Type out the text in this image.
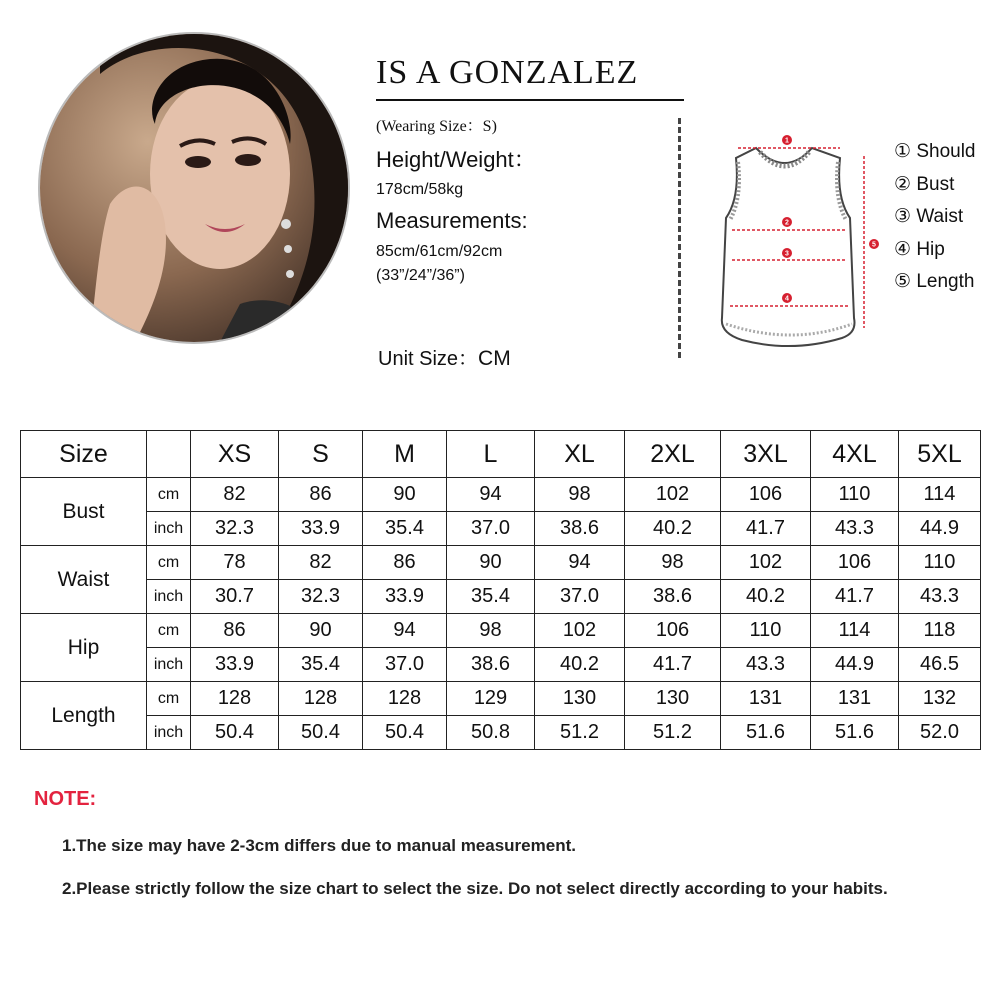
IS A GONZALEZ
(Wearing Size：S)
Height/Weight：
178cm/58kg
Measurements:
85cm/61cm/92cm
(33”/24”/36”)
Unit Size：CM
1
2
3
4
5
① Should
② Bust
③ Waist
④ Hip
⑤ Length
Size		XS	S	M	L	XL	2XL	3XL	4XL	5XL
Bust	cm	82	86	90	94	98	102	106	110	114
	inch	32.3	33.9	35.4	37.0	38.6	40.2	41.7	43.3	44.9
Waist	cm	78	82	86	90	94	98	102	106	110
	inch	30.7	32.3	33.9	35.4	37.0	38.6	40.2	41.7	43.3
Hip	cm	86	90	94	98	102	106	110	114	118
	inch	33.9	35.4	37.0	38.6	40.2	41.7	43.3	44.9	46.5
Length	cm	128	128	128	129	130	130	131	131	132
	inch	50.4	50.4	50.4	50.8	51.2	51.2	51.6	51.6	52.0
NOTE:
1.The size may have 2-3cm differs due to manual measurement.
2.Please strictly follow the size chart to select the size. Do not select directly according to your habits.
